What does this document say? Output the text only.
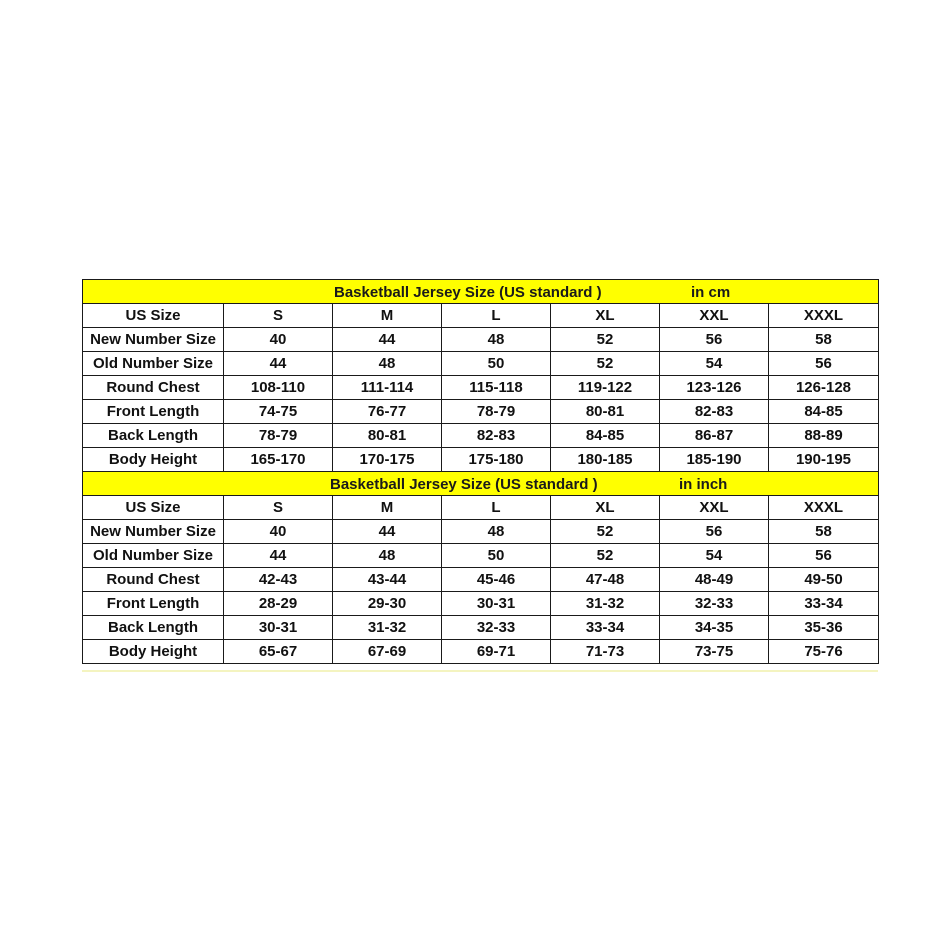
Basketball Jersey Size (US standard ) in cm						

US Size	S	M	L	XL	XXL	XXXL
New Number Size	40	44	48	52	56	58
Old Number Size	44	48	50	52	54	56
Round Chest	108-110	111-114	115-118	119-122	123-126	126-128
Front Length	74-75	76-77	78-79	80-81	82-83	84-85
Back Length	78-79	80-81	82-83	84-85	86-87	88-89
Body Height	165-170	170-175	175-180	180-185	185-190	190-195

Basketball Jersey Size (US standard ) in inch						

US Size	S	M	L	XL	XXL	XXXL
New Number Size	40	44	48	52	56	58
Old Number Size	44	48	50	52	54	56
Round Chest	42-43	43-44	45-46	47-48	48-49	49-50
Front Length	28-29	29-30	30-31	31-32	32-33	33-34
Back Length	30-31	31-32	32-33	33-34	34-35	35-36
Body Height	65-67	67-69	69-71	71-73	73-75	75-76
